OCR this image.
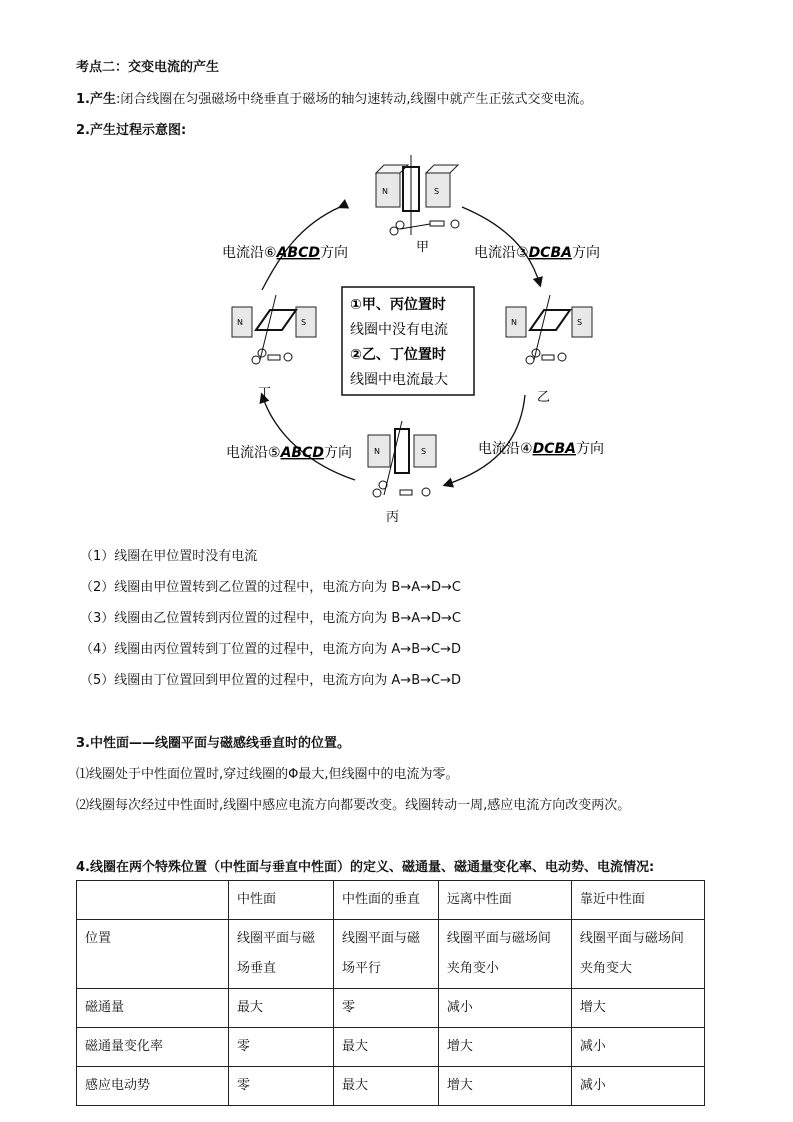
考点二：交变电流的产生
1.产生:闭合线圈在匀强磁场中绕垂直于磁场的轴匀速转动,线圈中就产生正弦式交变电流。
2.产生过程示意图:
N	S
甲
N	S
丁
N	S
乙
N	S
丙
电流沿⑥ABCD方向	电流沿③DCBA方向
电流沿⑤ABCD方向	电流沿④DCBA方向
①甲、丙位置时
线圈中没有电流
②乙、丁位置时
线圈中电流最大
（1）线圈在甲位置时没有电流
（2）线圈由甲位置转到乙位置的过程中，电流方向为 B→A→D→C
（3）线圈由乙位置转到丙位置的过程中，电流方向为 B→A→D→C
（4）线圈由丙位置转到丁位置的过程中，电流方向为 A→B→C→D
（5）线圈由丁位置回到甲位置的过程中，电流方向为 A→B→C→D
3.中性面——线圈平面与磁感线垂直时的位置。
⑴线圈处于中性面位置时,穿过线圈的Φ最大,但线圈中的电流为零。
⑵线圈每次经过中性面时,线圈中感应电流方向都要改变。线圈转动一周,感应电流方向改变两次。
4.线圈在两个特殊位置（中性面与垂直中性面）的定义、磁通量、磁通量变化率、电动势、电流情况:
	中性面	中性面的垂直	远离中性面	靠近中性面
位置	线圈平面与磁场垂直	线圈平面与磁场平行	线圈平面与磁场间夹角变小	线圈平面与磁场间夹角变大
磁通量	最大	零	减小	增大
磁通量变化率	零	最大	增大	减小
感应电动势	零	最大	增大	减小
